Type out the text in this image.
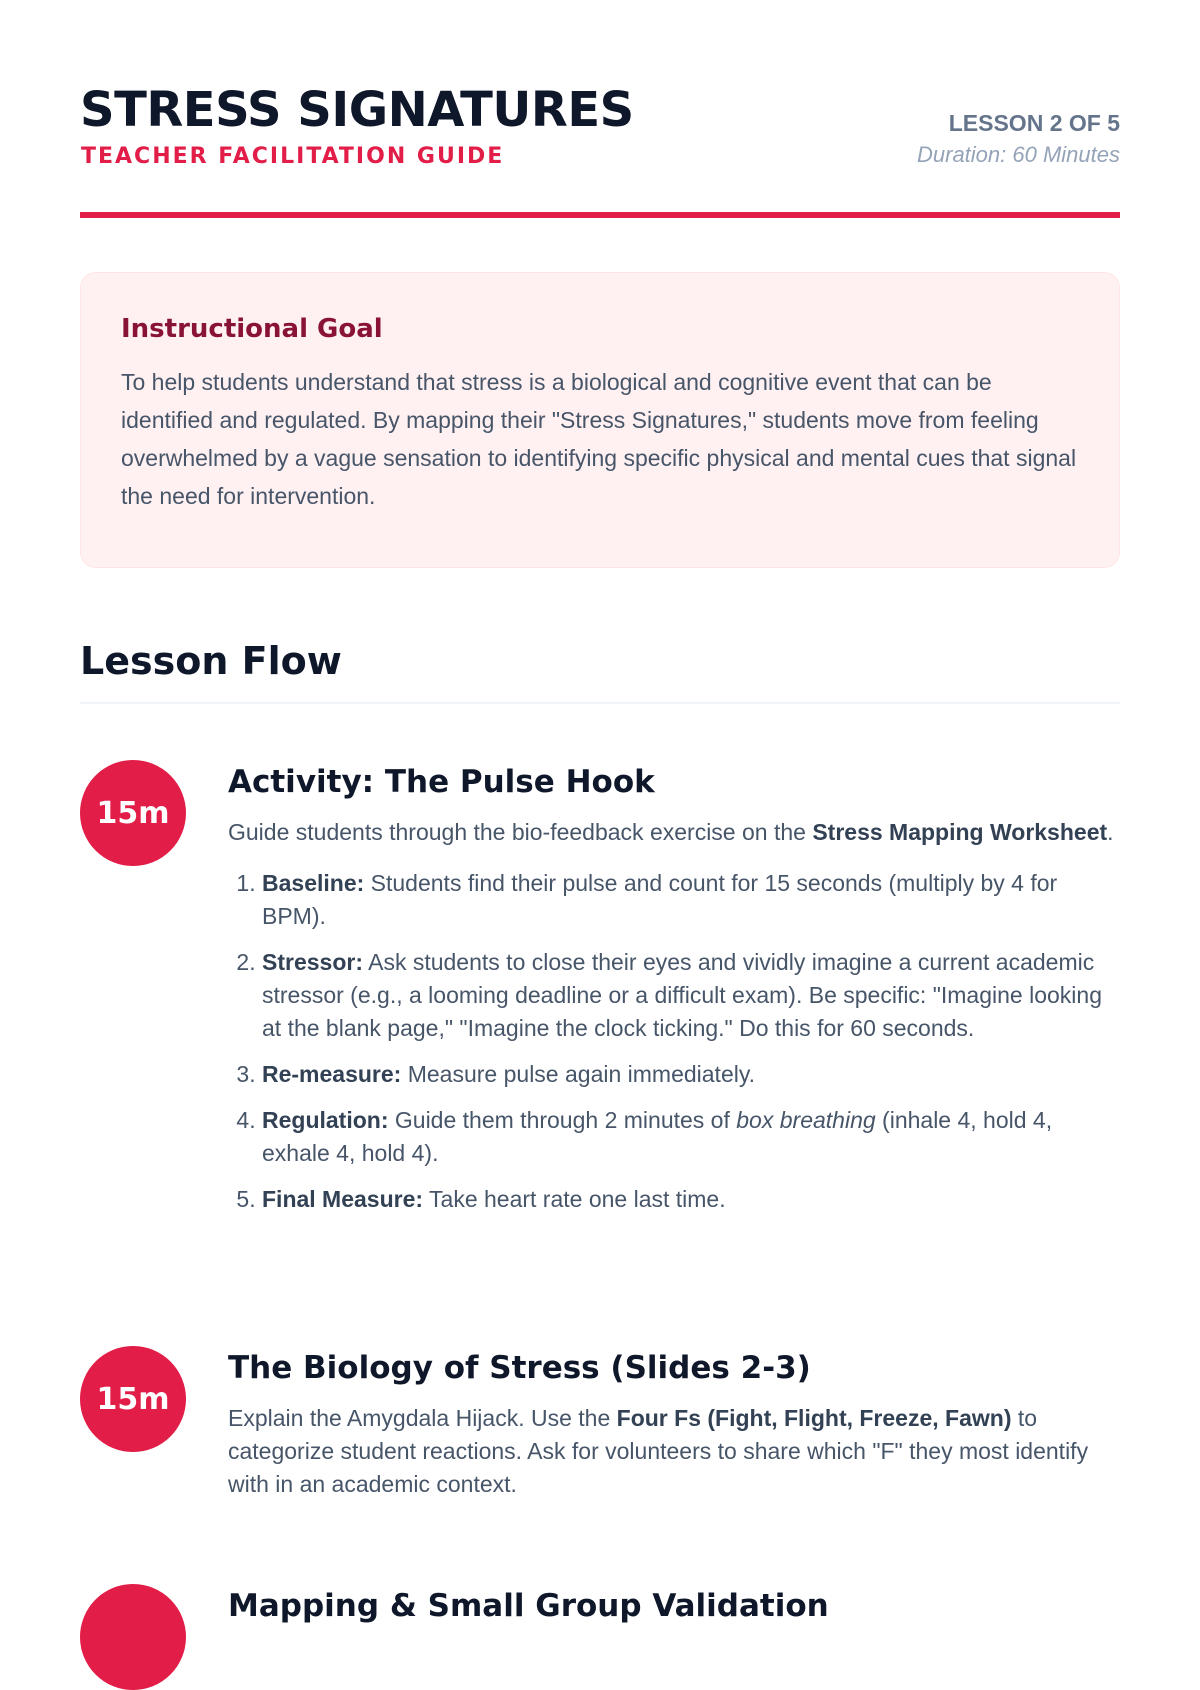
STRESS SIGNATURES
TEACHER FACILITATION GUIDE
LESSON 2 OF 5
Duration: 60 Minutes
Instructional Goal

To help students understand that stress is a biological and cognitive event that can be identified and regulated. By mapping their "Stress Signatures," students move from feeling overwhelmed by a vague sensation to identifying specific physical and mental cues that signal the need for intervention.

Lesson Flow
15m
Activity: The Pulse Hook

Guide students through the bio-feedback exercise on the Stress Mapping Worksheet.

1. Baseline: Students find their pulse and count for 15 seconds (multiply by 4 for BPM).
2. Stressor: Ask students to close their eyes and vividly imagine a current academic stressor (e.g., a looming deadline or a difficult exam). Be specific: "Imagine looking at the blank page," "Imagine the clock ticking." Do this for 60 seconds.
3. Re-measure: Measure pulse again immediately.
4. Regulation: Guide them through 2 minutes of box breathing (inhale 4, hold 4, exhale 4, hold 4).
5. Final Measure: Take heart rate one last time.
15m
The Biology of Stress (Slides 2-3)

Explain the Amygdala Hijack. Use the Four Fs (Fight, Flight, Freeze, Fawn) to categorize student reactions. Ask for volunteers to share which "F" they most identify with in an academic context.

Mapping & Small Group Validation
